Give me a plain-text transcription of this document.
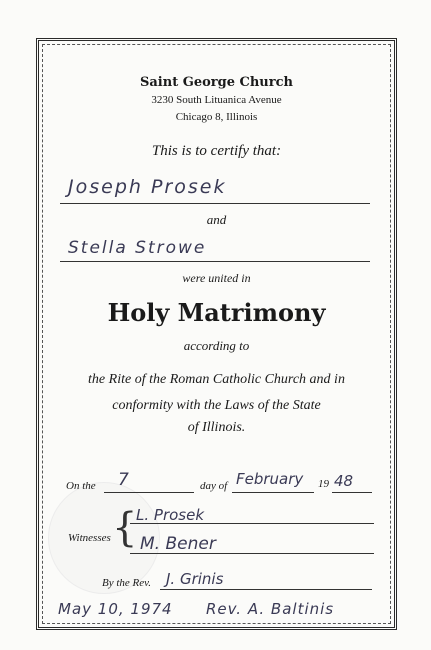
Saint George Church
3230 South Lituanica Avenue
Chicago 8, Illinois
This is to certify that:
Joseph Prosek
and
Stella Strowe
were united in
Holy Matrimony
according to
the Rite of the Roman Catholic Church and in
conformity with the Laws of the State
of Illinois.
On the 7	day of February 19 48
Witnesses {
L. Prosek
M. Bener
By the Rev. J. Grinis
May 10, 1974 Rev. A. Baltinis
